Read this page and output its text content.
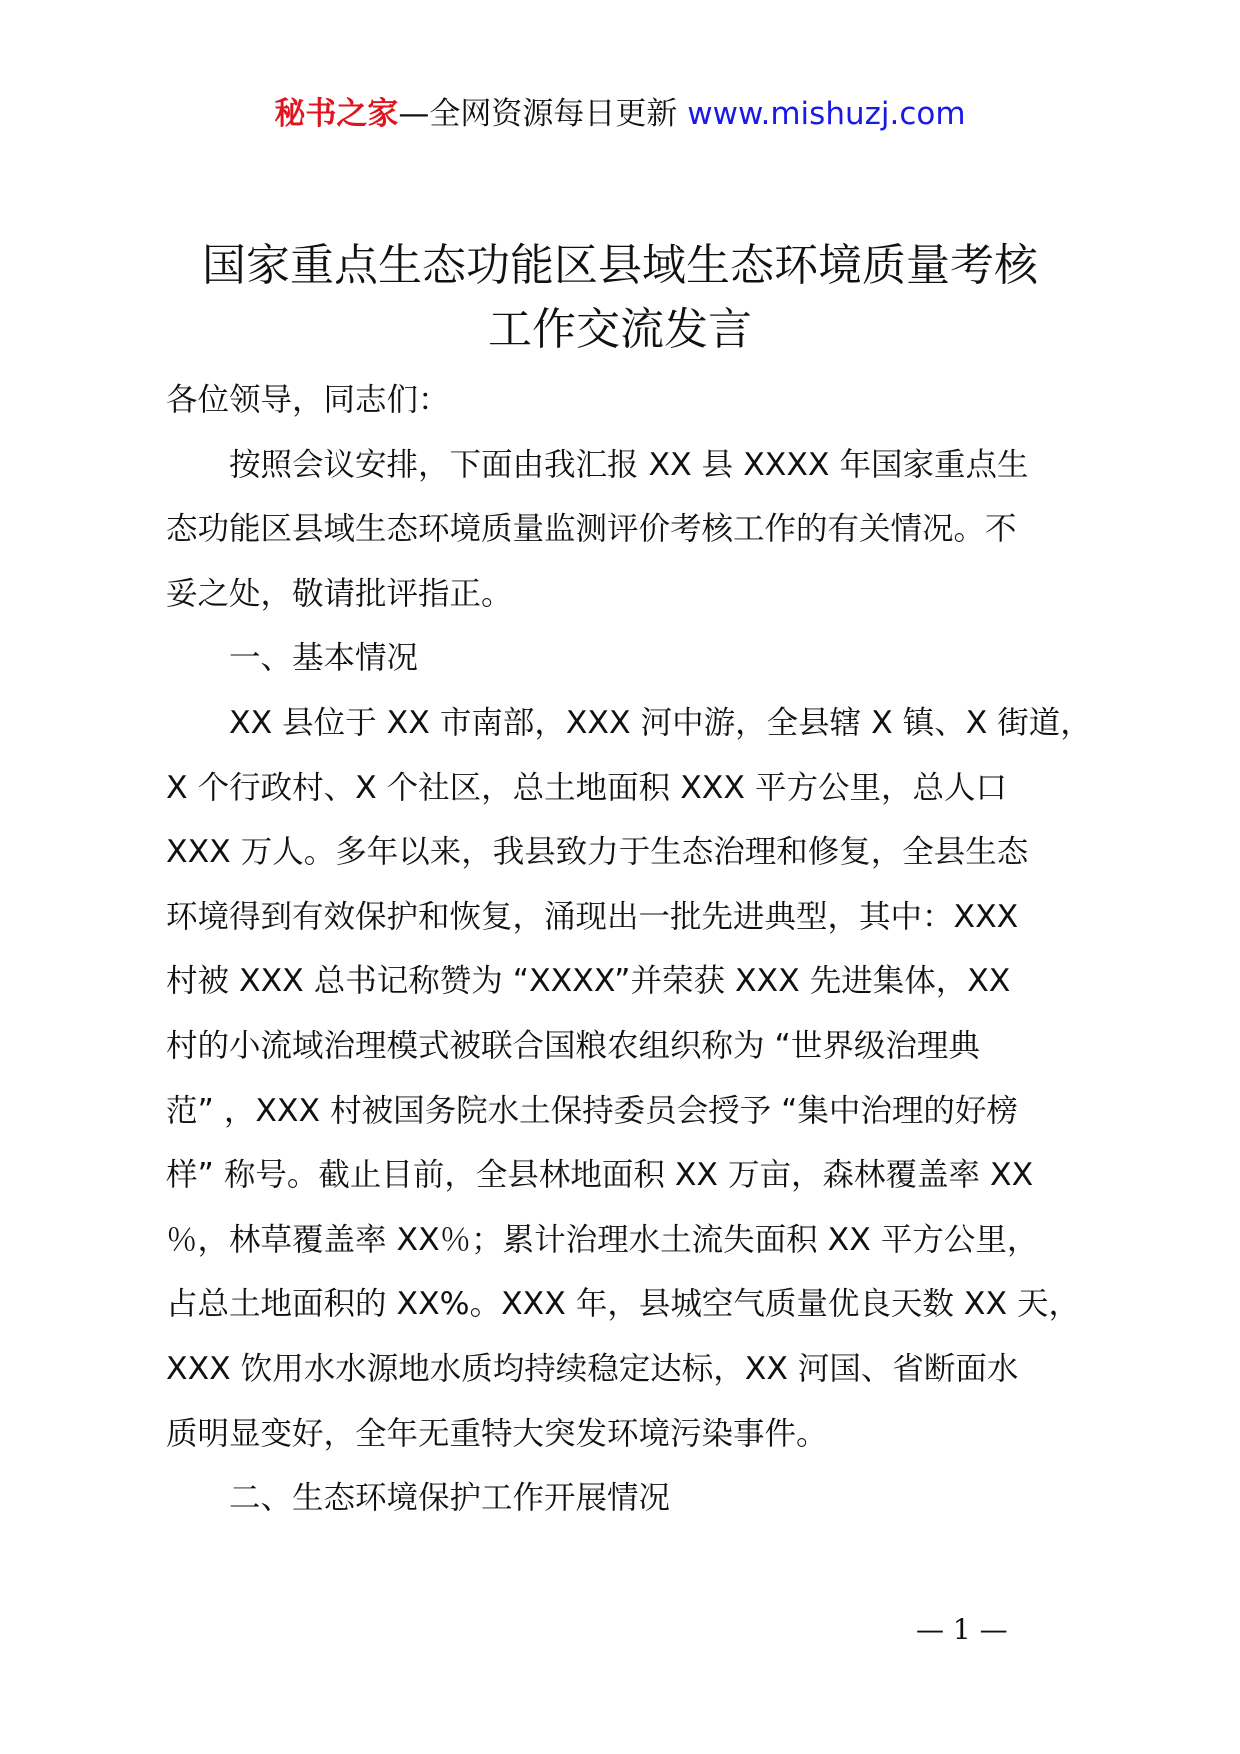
秘书之家—全网资源每日更新 www.mishuzj.com
国家重点生态功能区县域生态环境质量考核
工作交流发言
各位领导，同志们：
按照会议安排，下面由我汇报 XX 县 XXXX 年国家重点生
态功能区县域生态环境质量监测评价考核工作的有关情况。不
妥之处，敬请批评指正。
一、基本情况
XX 县位于 XX 市南部，XXX 河中游，全县辖 X 镇、X 街道，
X 个行政村、X 个社区，总土地面积 XXX 平方公里，总人口
XXX 万人。多年以来，我县致力于生态治理和修复，全县生态
环境得到有效保护和恢复，涌现出一批先进典型，其中：XXX
村被 XXX 总书记称赞为 “XXXX”并荣获 XXX 先进集体，XX
村的小流域治理模式被联合国粮农组织称为 “世界级治理典
范” ，XXX 村被国务院水土保持委员会授予 “集中治理的好榜
样” 称号。截止目前，全县林地面积 XX 万亩，森林覆盖率 XX
％，林草覆盖率 XX％；累计治理水土流失面积 XX 平方公里，
占总土地面积的 XX%。XXX 年，县城空气质量优良天数 XX 天，
XXX 饮用水水源地水质均持续稳定达标，XX 河国、省断面水
质明显变好，全年无重特大突发环境污染事件。
二、生态环境保护工作开展情况
— 1 —
